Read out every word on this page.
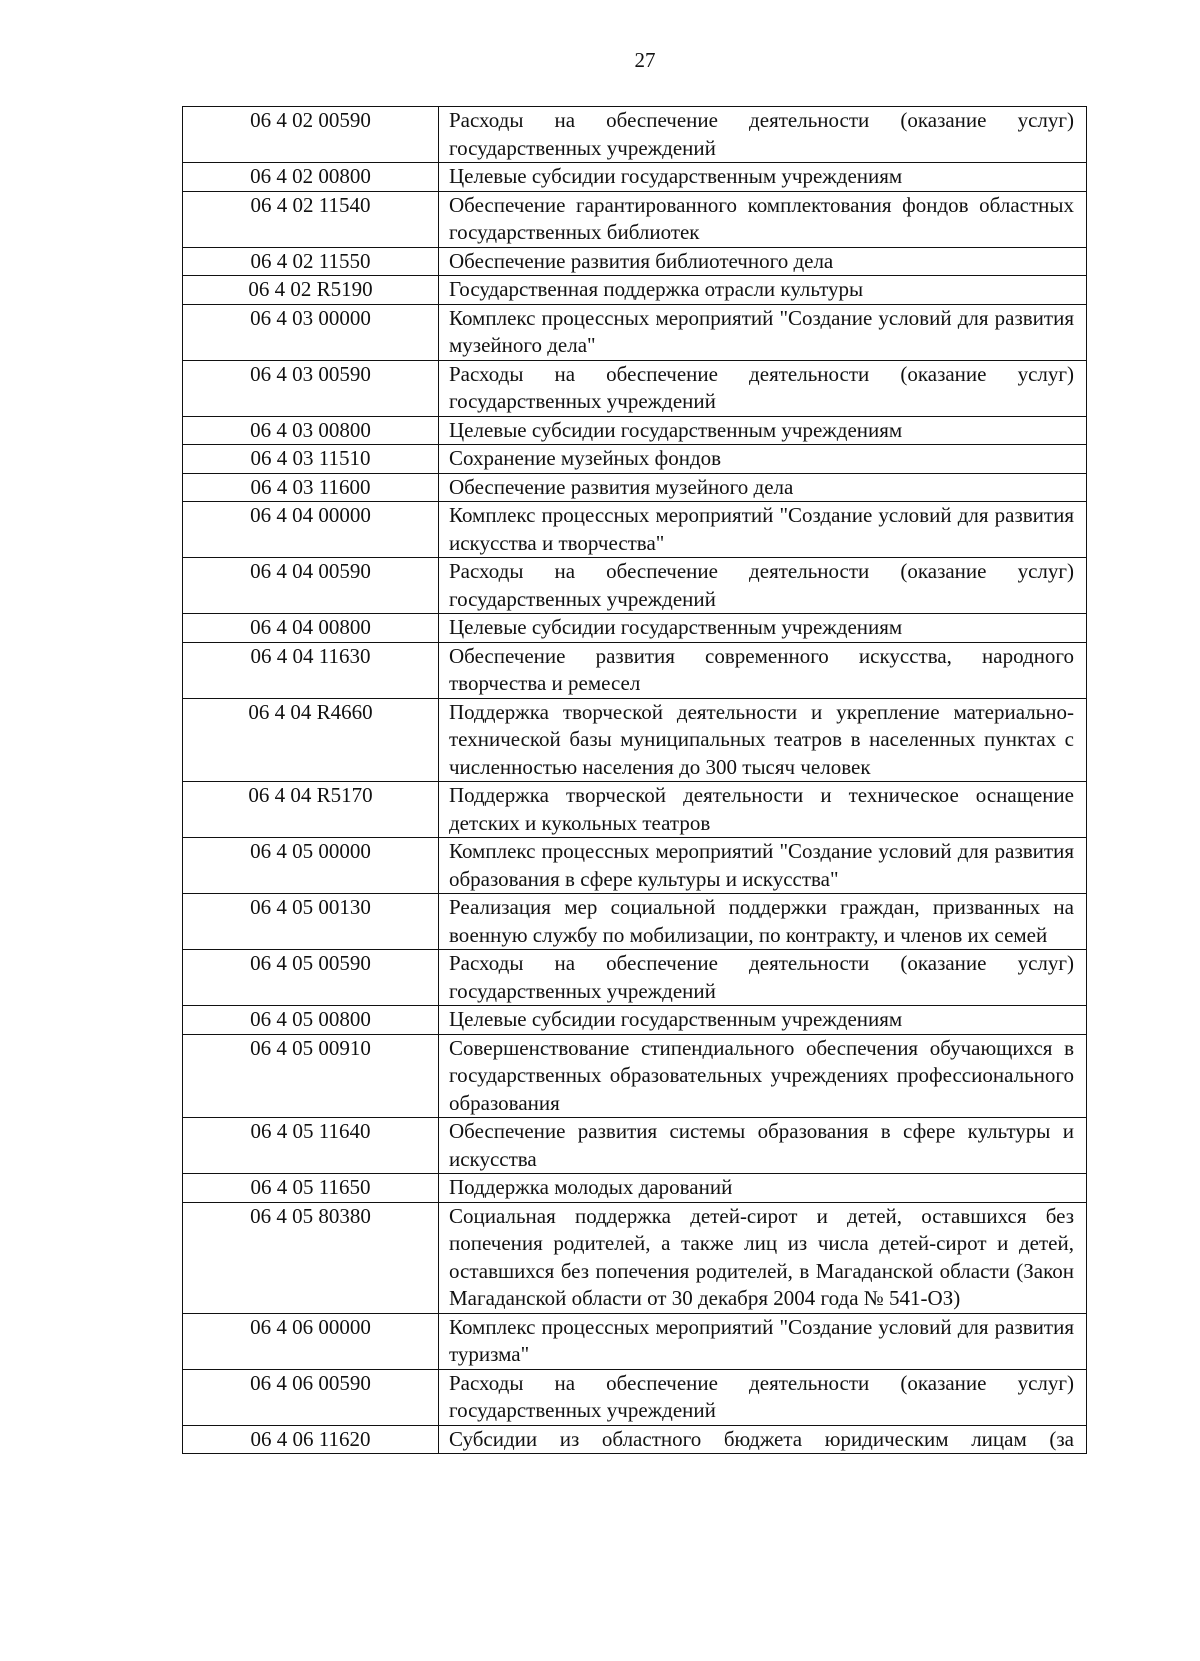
27
06 4 02 00590	Расходы на обеспечение деятельности (оказание услуг) государственных учреждений
06 4 02 00800	Целевые субсидии государственным учреждениям
06 4 02 11540	Обеспечение гарантированного комплектования фондов областных государственных библиотек
06 4 02 11550	Обеспечение развития библиотечного дела
06 4 02 R5190	Государственная поддержка отрасли культуры
06 4 03 00000	Комплекс процессных мероприятий "Создание условий для развития музейного дела"
06 4 03 00590	Расходы на обеспечение деятельности (оказание услуг) государственных учреждений
06 4 03 00800	Целевые субсидии государственным учреждениям
06 4 03 11510	Сохранение музейных фондов
06 4 03 11600	Обеспечение развития музейного дела
06 4 04 00000	Комплекс процессных мероприятий "Создание условий для развития искусства и творчества"
06 4 04 00590	Расходы на обеспечение деятельности (оказание услуг) государственных учреждений
06 4 04 00800	Целевые субсидии государственным учреждениям
06 4 04 11630	Обеспечение развития современного искусства, народного творчества и ремесел
06 4 04 R4660	Поддержка творческой деятельности и укрепление материально-технической базы муниципальных театров в населенных пунктах с численностью населения до 300 тысяч человек
06 4 04 R5170	Поддержка творческой деятельности и техническое оснащение детских и кукольных театров
06 4 05 00000	Комплекс процессных мероприятий "Создание условий для развития образования в сфере культуры и искусства"
06 4 05 00130	Реализация мер социальной поддержки граждан, призванных на военную службу по мобилизации, по контракту, и членов их семей
06 4 05 00590	Расходы на обеспечение деятельности (оказание услуг) государственных учреждений
06 4 05 00800	Целевые субсидии государственным учреждениям
06 4 05 00910	Совершенствование стипендиального обеспечения обучающихся в государственных образовательных учреждениях профессионального образования
06 4 05 11640	Обеспечение развития системы образования в сфере культуры и искусства
06 4 05 11650	Поддержка молодых дарований
06 4 05 80380	Социальная поддержка детей-сирот и детей, оставшихся без попечения родителей, а также лиц из числа детей-сирот и детей, оставшихся без попечения родителей, в Магаданской области (Закон Магаданской области от 30 декабря 2004 года № 541-ОЗ)
06 4 06 00000	Комплекс процессных мероприятий "Создание условий для развития туризма"
06 4 06 00590	Расходы на обеспечение деятельности (оказание услуг) государственных учреждений
06 4 06 11620	Субсидии из областного бюджета юридическим лицам (за
